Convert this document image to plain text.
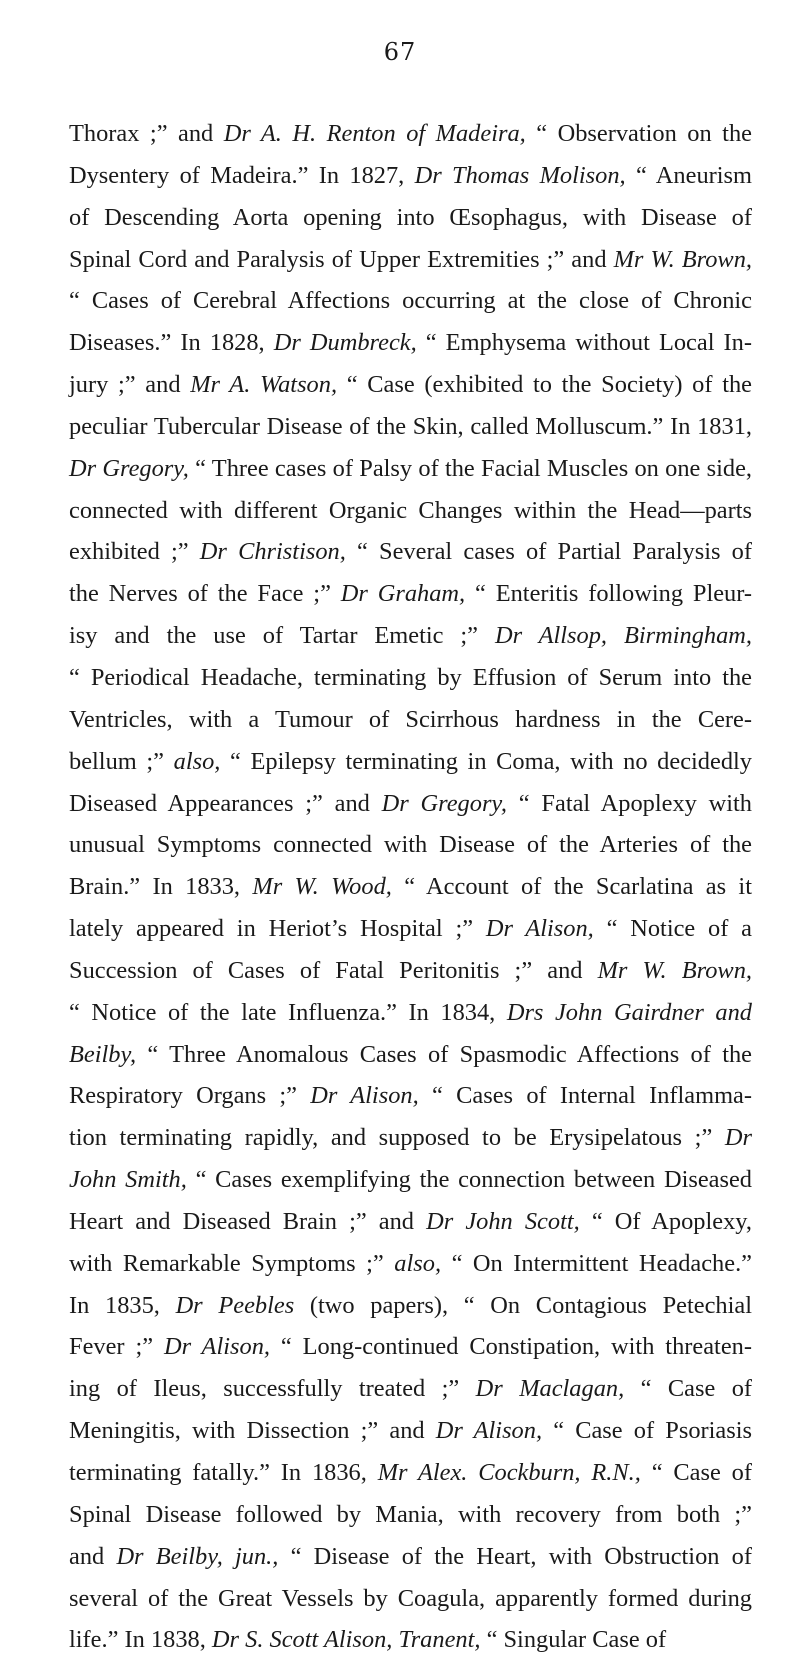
67
Thorax ;” and Dr A. H. Renton of Madeira, “ Observation on the
Dysentery of Madeira.” In 1827, Dr Thomas Molison, “ Aneurism
of Descending Aorta opening into Œsophagus, with Disease of
Spinal Cord and Paralysis of Upper Extremities ;” and Mr W. Brown,
“ Cases of Cerebral Affections occurring at the close of Chronic
Diseases.” In 1828, Dr Dumbreck, “ Emphysema without Local In-
jury ;” and Mr A. Watson, “ Case (exhibited to the Society) of the
peculiar Tubercular Disease of the Skin, called Molluscum.” In 1831,
Dr Gregory, “ Three cases of Palsy of the Facial Muscles on one side,
connected with different Organic Changes within the Head—parts
exhibited ;” Dr Christison, “ Several cases of Partial Paralysis of
the Nerves of the Face ;” Dr Graham, “ Enteritis following Pleur-
isy and the use of Tartar Emetic ;” Dr Allsop, Birmingham,
“ Periodical Headache, terminating by Effusion of Serum into the
Ventricles, with a Tumour of Scirrhous hardness in the Cere-
bellum ;” also, “ Epilepsy terminating in Coma, with no decidedly
Diseased Appearances ;” and Dr Gregory, “ Fatal Apoplexy with
unusual Symptoms connected with Disease of the Arteries of the
Brain.” In 1833, Mr W. Wood, “ Account of the Scarlatina as it
lately appeared in Heriot’s Hospital ;” Dr Alison, “ Notice of a
Succession of Cases of Fatal Peritonitis ;” and Mr W. Brown,
“ Notice of the late Influenza.” In 1834, Drs John Gairdner and
Beilby, “ Three Anomalous Cases of Spasmodic Affections of the
Respiratory Organs ;” Dr Alison, “ Cases of Internal Inflamma-
tion terminating rapidly, and supposed to be Erysipelatous ;” Dr
John Smith, “ Cases exemplifying the connection between Diseased
Heart and Diseased Brain ;” and Dr John Scott, “ Of Apoplexy,
with Remarkable Symptoms ;” also, “ On Intermittent Headache.”
In 1835, Dr Peebles (two papers), “ On Contagious Petechial
Fever ;” Dr Alison, “ Long-continued Constipation, with threaten-
ing of Ileus, successfully treated ;” Dr Maclagan, “ Case of
Meningitis, with Dissection ;” and Dr Alison, “ Case of Psoriasis
terminating fatally.” In 1836, Mr Alex. Cockburn, R.N., “ Case of
Spinal Disease followed by Mania, with recovery from both ;”
and Dr Beilby, jun., “ Disease of the Heart, with Obstruction of
several of the Great Vessels by Coagula, apparently formed during
life.” In 1838, Dr S. Scott Alison, Tranent, “ Singular Case of
